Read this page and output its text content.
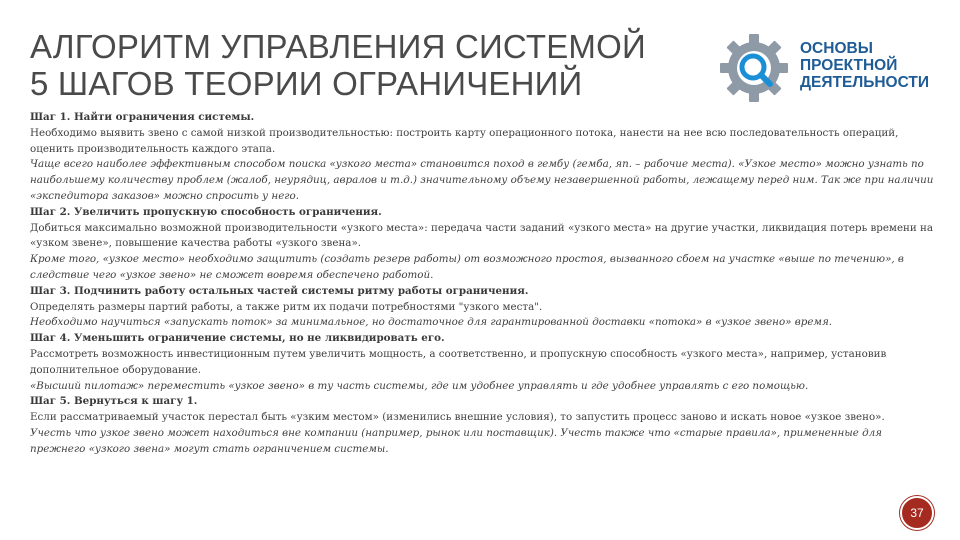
АЛГОРИТМ УПРАВЛЕНИЯ СИСТЕМОЙ
5 ШАГОВ ТЕОРИИ ОГРАНИЧЕНИЙ
ОСНОВЫ
ПРОЕКТНОЙ
ДЕЯТЕЛЬНОСТИ

Шаг 1. Найти ограничения системы.

Необходимо выявить звено с самой низкой производительностью: построить карту операционного потока, нанести на нее всю последовательность операций, оценить производительность каждого этапа.

Чаще всего наиболее эффективным способом поиска «узкого места» становится поход в гембу (гемба, яп. – рабочие места). «Узкое место» можно узнать по наибольшему количеству проблем (жалоб, неурядиц, авралов и т.д.) значительному объему незавершенной работы, лежащему перед ним. Так же при наличии «экспедитора заказов» можно спросить у него.

Шаг 2. Увеличить пропускную способность ограничения.

Добиться максимально возможной производительности «узкого места»: передача части заданий «узкого места» на другие участки, ликвидация потерь времени на «узком звене», повышение качества работы «узкого звена».

Кроме того, «узкое место» необходимо защитить (создать резерв работы) от возможного простоя, вызванного сбоем на участке «выше по течению», в следствие чего «узкое звено» не сможет вовремя обеспечено работой.

Шаг 3. Подчинить работу остальных частей системы ритму работы ограничения.

Определять размеры партий работы, а также ритм их подачи потребностями "узкого места".

Необходимо научиться «запускать поток» за минимальное, но достаточное для гарантированной доставки «потока» в «узкое звено» время.

Шаг 4. Уменьшить ограничение системы, но не ликвидировать его.

Рассмотреть возможность инвестиционным путем увеличить мощность, а соответственно, и пропускную способность «узкого места», например, установив дополнительное оборудование.

«Высший пилотаж» переместить «узкое звено» в ту часть системы, где им удобнее управлять и где удобнее управлять с его помощью.

Шаг 5. Вернуться к шагу 1.

Если рассматриваемый участок перестал быть «узким местом» (изменились внешние условия), то запустить процесс заново и искать новое «узкое звено».

Учесть что узкое звено может находиться вне компании (например, рынок или поставщик). Учесть также что «старые правила», примененные для прежнего «узкого звена» могут стать ограничением системы.

37
